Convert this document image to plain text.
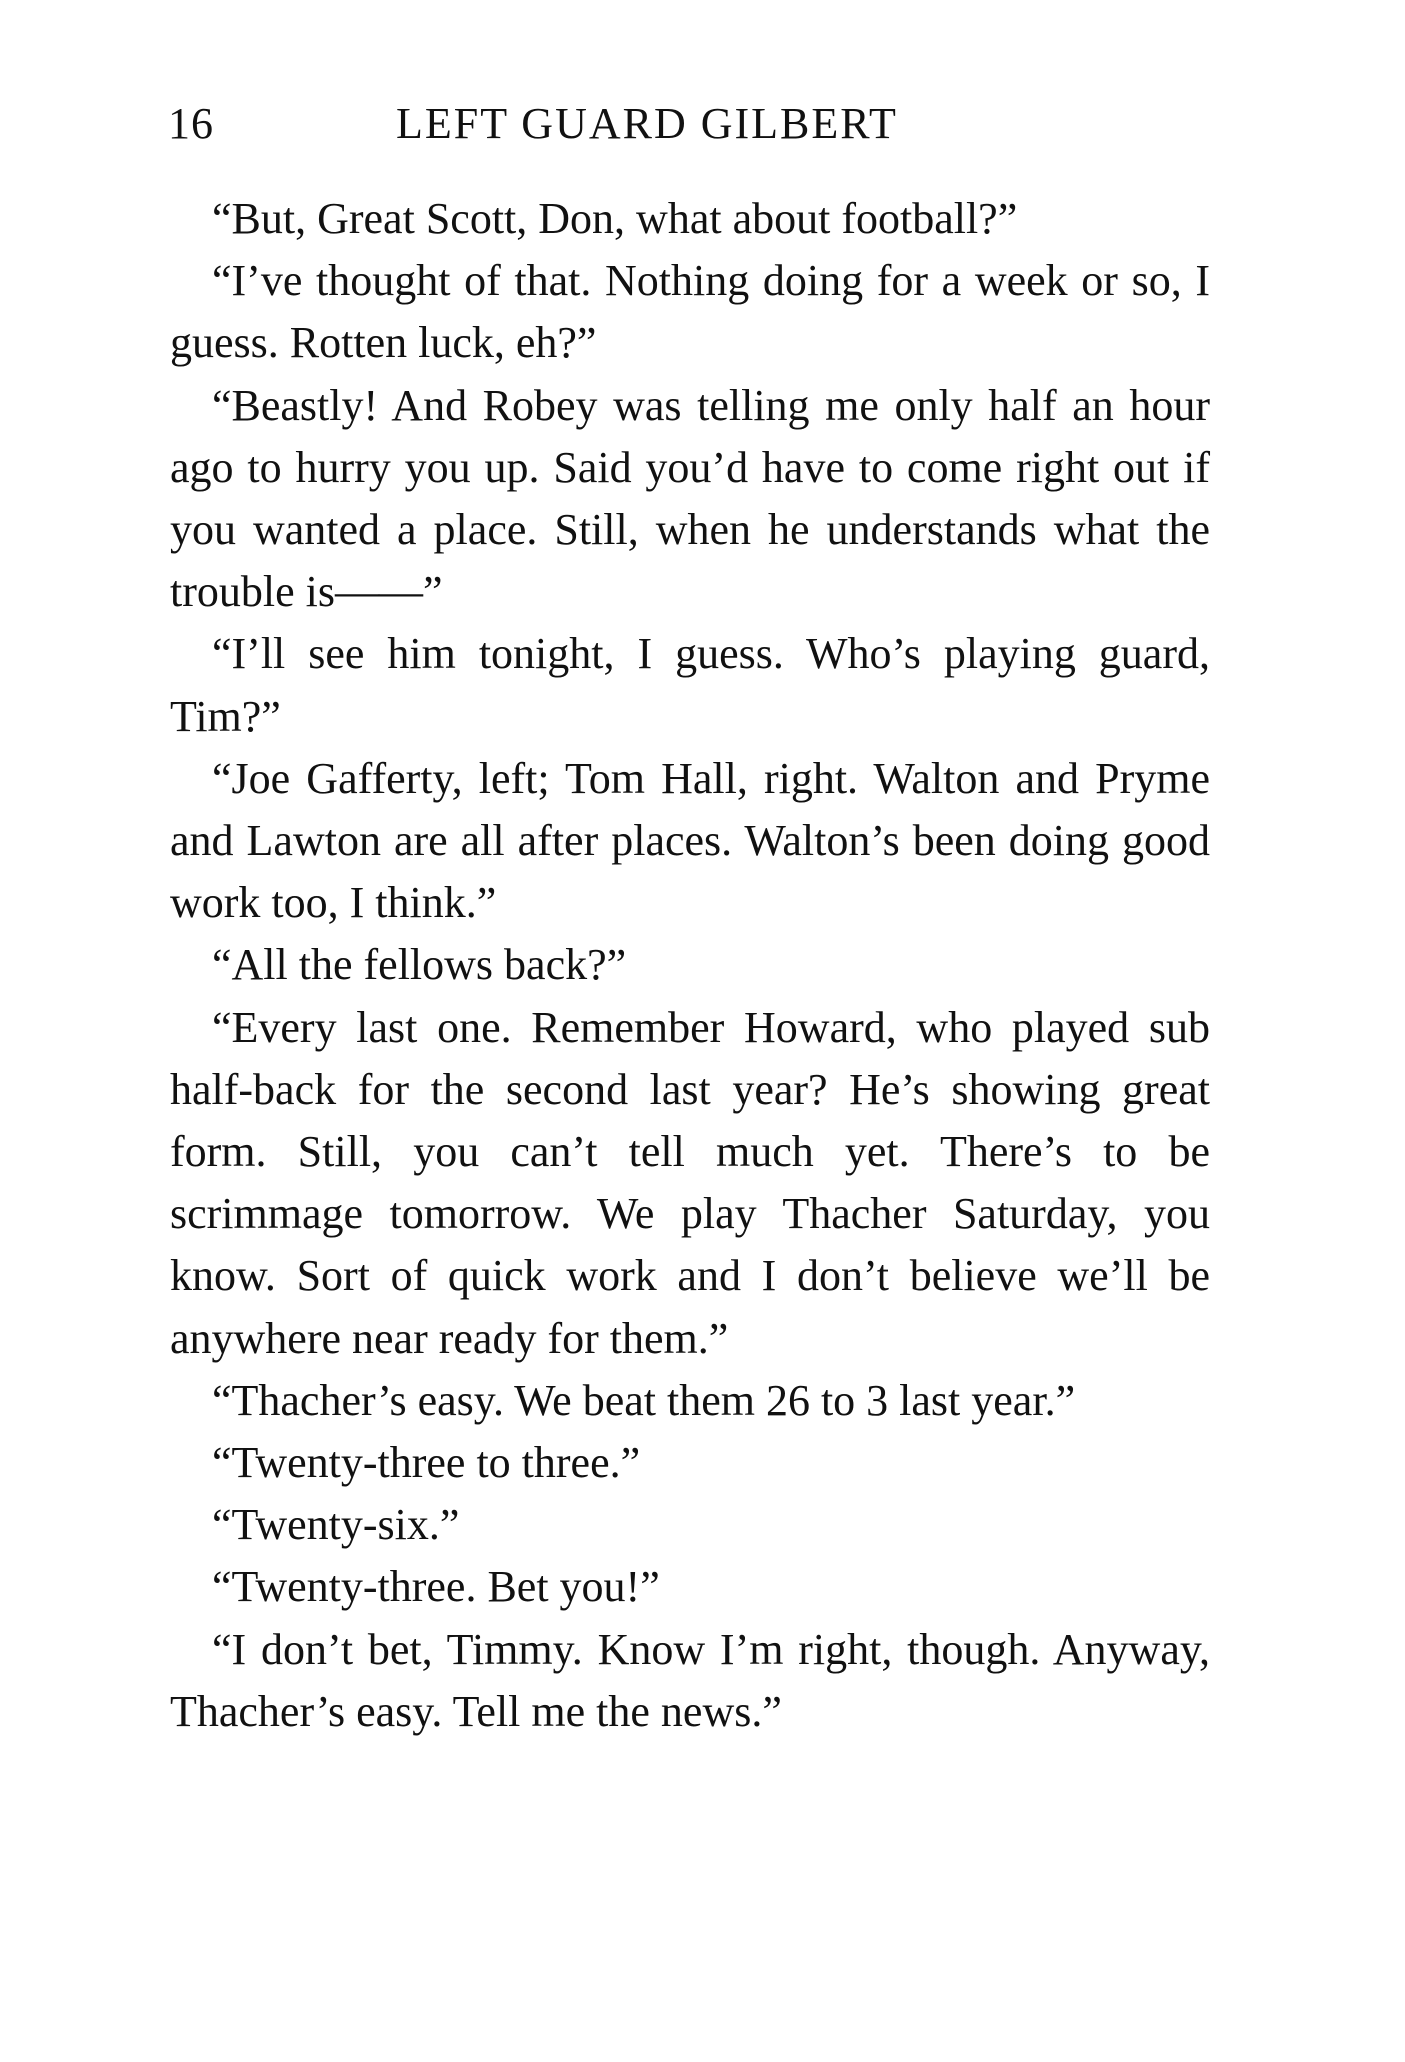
16	LEFT GUARD GILBERT

“But, Great Scott, Don, what about football?”

“I’ve thought of that. Nothing doing for a week or so, I guess. Rotten luck, eh?”

“Beastly! And Robey was telling me only half an hour ago to hurry you up. Said you’d have to come right out if you wanted a place. Still, when he understands what the trouble is——”

“I’ll see him tonight, I guess. Who’s playing guard, Tim?”

“Joe Gafferty, left; Tom Hall, right. Walton and Pryme and Lawton are all after places. Walton’s been doing good work too, I think.”

“All the fellows back?”

“Every last one. Remember Howard, who played sub half-back for the second last year? He’s showing great form. Still, you can’t tell much yet. There’s to be scrimmage tomorrow. We play Thacher Saturday, you know. Sort of quick work and I don’t believe we’ll be anywhere near ready for them.”

“Thacher’s easy. We beat them 26 to 3 last year.”

“Twenty-three to three.”

“Twenty-six.”

“Twenty-three. Bet you!”

“I don’t bet, Timmy. Know I’m right, though. Anyway, Thacher’s easy. Tell me the news.”
